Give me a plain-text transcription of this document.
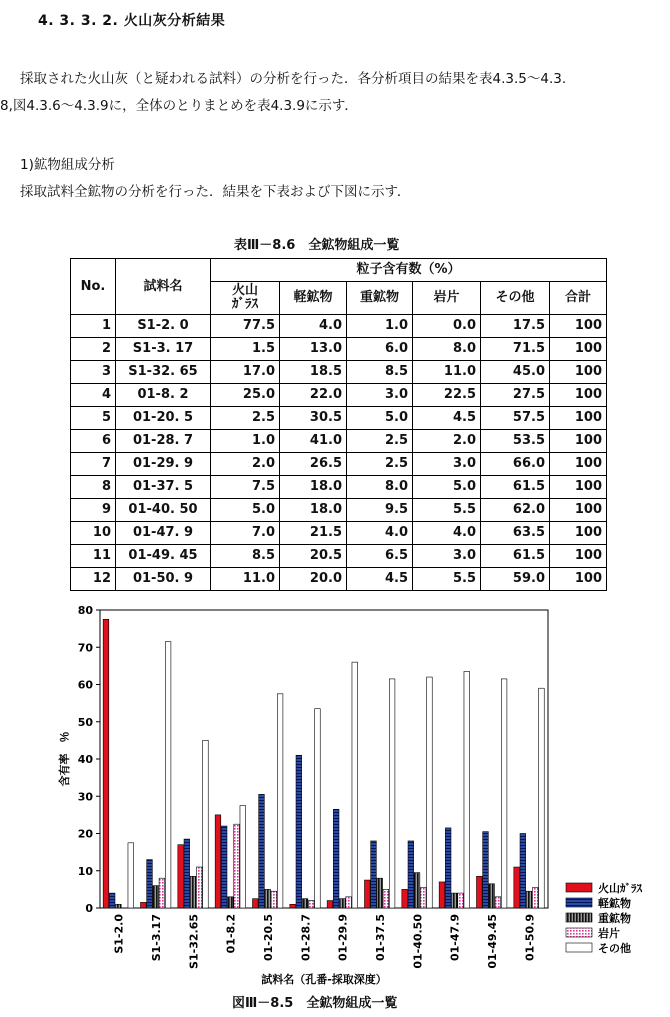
4. 3. 3. 2. 火山灰分析結果
採取された火山灰（と疑われる試料）の分析を行った．各分析項目の結果を表4.3.5～4.3.
8,図4.3.6～4.3.9に，全体のとりまとめを表4.3.9に示す．
1)鉱物組成分析
採取試料全鉱物の分析を行った．結果を下表および下図に示す．
表Ⅲ－8.6　全鉱物組成一覧
No.	試料名	粒子含有数（%）					
		火山
ｶﾞﾗｽ	軽鉱物	重鉱物	岩片	その他	合計
1	S1-2. 0	77.5	4.0	1.0	0.0	17.5	100
2	S1-3. 17	1.5	13.0	6.0	8.0	71.5	100
3	S1-32. 65	17.0	18.5	8.5	11.0	45.0	100
4	01-8. 2	25.0	22.0	3.0	22.5	27.5	100
5	01-20. 5	2.5	30.5	5.0	4.5	57.5	100
6	01-28. 7	1.0	41.0	2.5	2.0	53.5	100
7	01-29. 9	2.0	26.5	2.5	3.0	66.0	100
8	01-37. 5	7.5	18.0	8.0	5.0	61.5	100
9	01-40. 50	5.0	18.0	9.5	5.5	62.0	100
10	01-47. 9	7.0	21.5	4.0	4.0	63.5	100
11	01-49. 45	8.5	20.5	6.5	3.0	61.5	100
12	01-50. 9	11.0	20.0	4.5	5.5	59.0	100
0
10
20
30
40
50
60
70
80
含有率　％
S1-2.0 S1-3.17 S1-32.65 01-8.2 01-20.5 01-28.7 01-29.9 01-37.5 01-40.50 01-47.9 01-49.45 01-50.9
試料名（孔番-採取深度）
火山ｶﾞﾗｽ
軽鉱物
重鉱物
岩片
その他
図Ⅲ－8.5　全鉱物組成一覧
